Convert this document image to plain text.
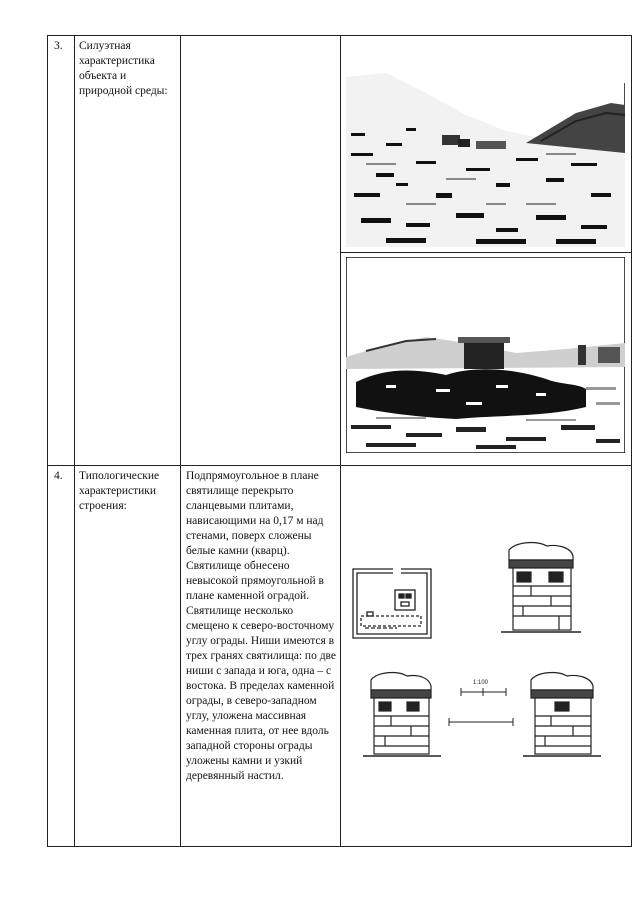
3.	Силуэтная характеристика объекта и природной среды:

4.	Типологические характеристики строения:	Подпрямоугольное в плане святилище перекрыто сланцевыми плитами, нависающими на 0,17 м над стенами, поверх сложены белые камни (кварц). Святилище обнесено невысокой прямоугольной в плане каменной оградой. Святилище несколько смещено к северо-восточному углу ограды. Ниши имеются в трех гранях святилища: по две ниши с запада и юга, одна – с востока. В пределах каменной ограды, в северо-западном углу, уложена массивная каменная плита, от нее вдоль западной стороны ограды уложены камни и узкий деревянный настил.	1:100
